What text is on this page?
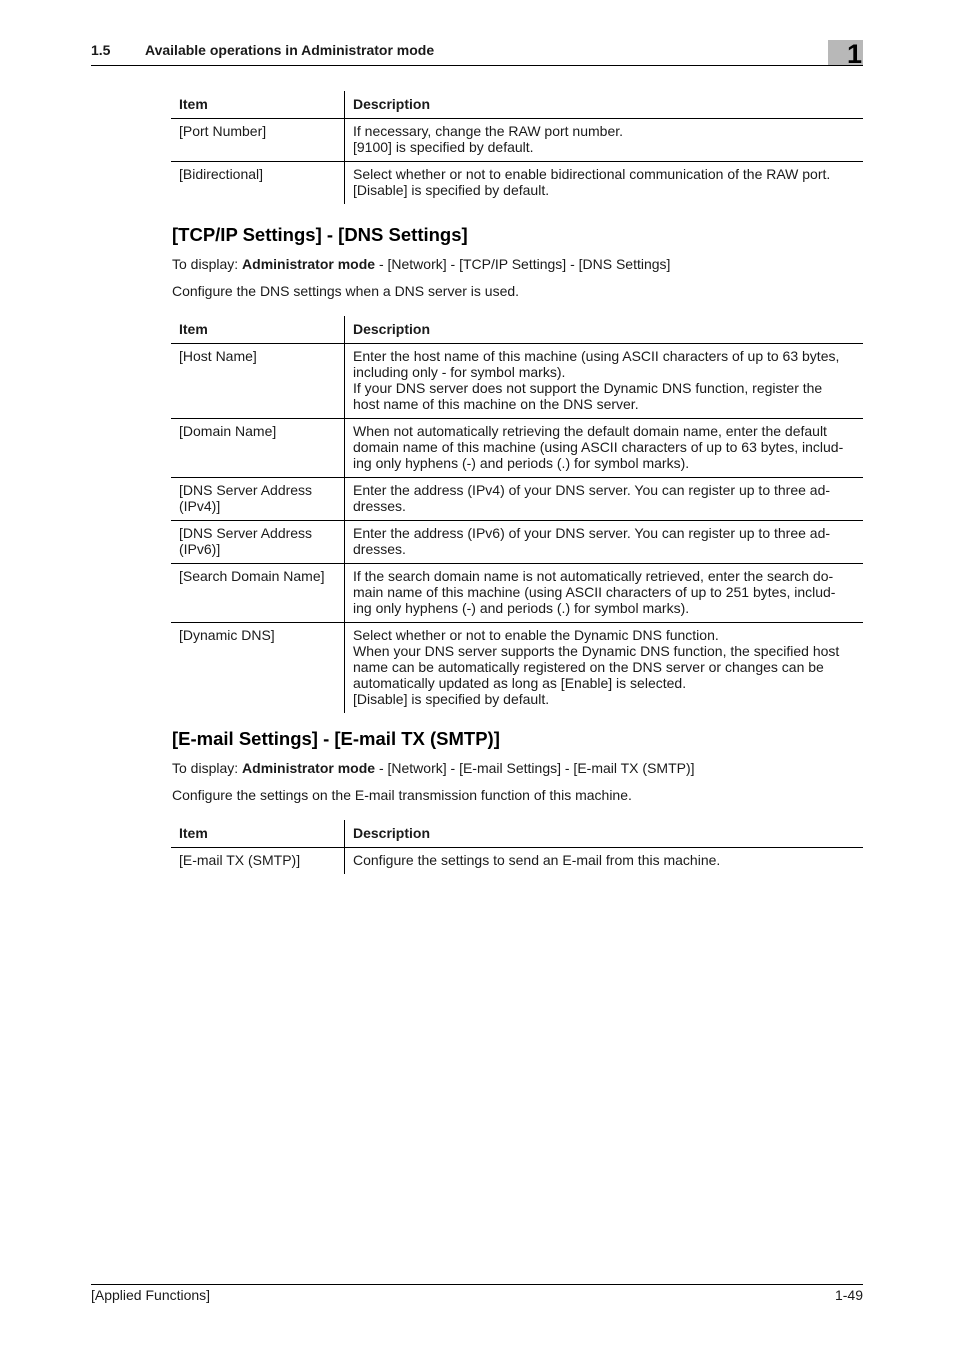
1.5 Available operations in Administrator mode	1
Item	Description

[Port Number]	If necessary, change the RAW port number.
[9100] is specified by default.

[Bidirectional]	Select whether or not to enable bidirectional communication of the RAW port.
[Disable] is specified by default.
[TCP/IP Settings] - [DNS Settings]

To display: Administrator mode - [Network] - [TCP/IP Settings] - [DNS Settings]

Configure the DNS settings when a DNS server is used.

Item	Description

[Host Name]	Enter the host name of this machine (using ASCII characters of up to 63 bytes,
including only - for symbol marks).
If your DNS server does not support the Dynamic DNS function, register the
host name of this machine on the DNS server.

[Domain Name]	When not automatically retrieving the default domain name, enter the default
domain name of this machine (using ASCII characters of up to 63 bytes, includ-
ing only hyphens (-) and periods (.) for symbol marks).

[DNS Server Address
(IPv4)]	Enter the address (IPv4) of your DNS server. You can register up to three ad-
dresses.

[DNS Server Address
(IPv6)]	Enter the address (IPv6) of your DNS server. You can register up to three ad-
dresses.

[Search Domain Name]	If the search domain name is not automatically retrieved, enter the search do-
main name of this machine (using ASCII characters of up to 251 bytes, includ-
ing only hyphens (-) and periods (.) for symbol marks).

[Dynamic DNS]	Select whether or not to enable the Dynamic DNS function.
When your DNS server supports the Dynamic DNS function, the specified host
name can be automatically registered on the DNS server or changes can be
automatically updated as long as [Enable] is selected.
[Disable] is specified by default.
[E-mail Settings] - [E-mail TX (SMTP)]

To display: Administrator mode - [Network] - [E-mail Settings] - [E-mail TX (SMTP)]

Configure the settings on the E-mail transmission function of this machine.

Item	Description

[E-mail TX (SMTP)]	Configure the settings to send an E-mail from this machine.
[Applied Functions]	1-49
